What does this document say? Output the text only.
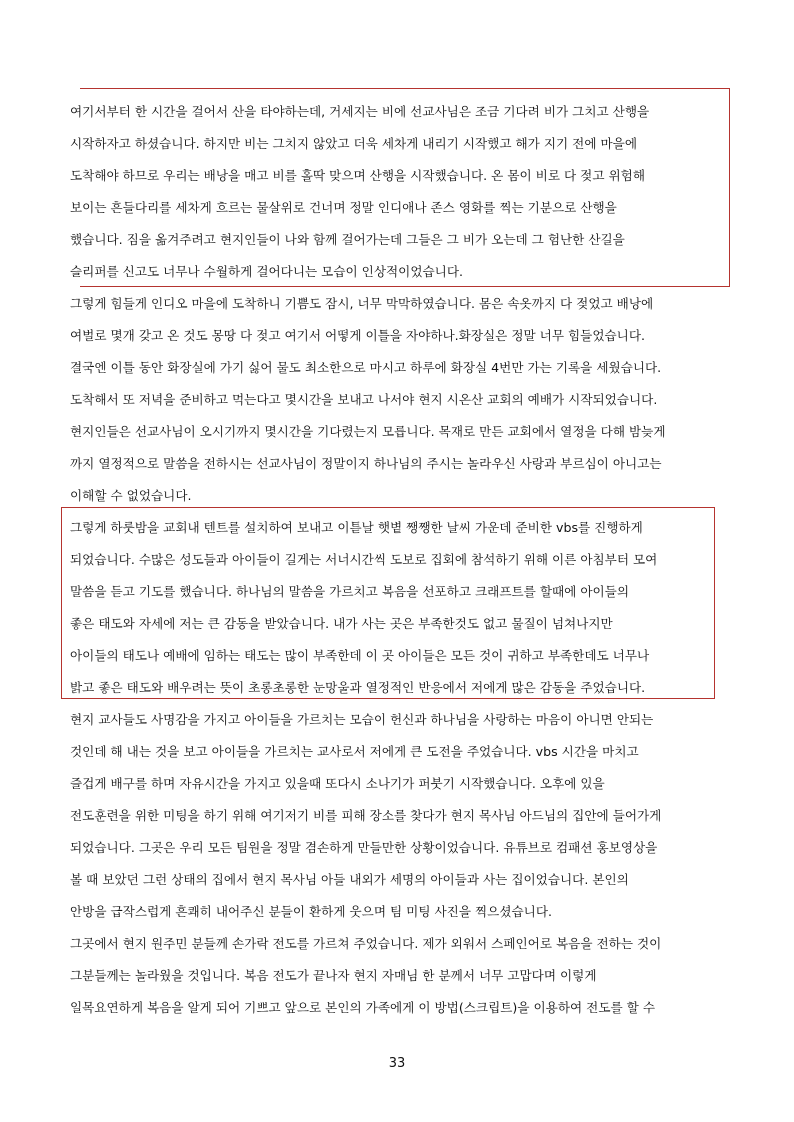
여기서부터 한 시간을 걸어서 산을 타야하는데, 거세지는 비에 선교사님은 조금 기다려 비가 그치고 산행을
시작하자고 하셨습니다. 하지만 비는 그치지 않았고 더욱 세차게 내리기 시작했고 해가 지기 전에 마을에
도착해야 하므로 우리는 배낭을 매고 비를 홀딱 맞으며 산행을 시작했습니다. 온 몸이 비로 다 젖고 위험해
보이는 흔들다리를 세차게 흐르는 물살위로 건너며 정말 인디애나 존스 영화를 찍는 기분으로 산행을
했습니다. 짐을 옮겨주려고 현지인들이 나와 함께 걸어가는데 그들은 그 비가 오는데 그 험난한 산길을
슬리퍼를 신고도 너무나 수월하게 걸어다니는 모습이 인상적이었습니다.
그렇게 힘들게 인디오 마을에 도착하니 기쁨도 잠시, 너무 막막하였습니다. 몸은 속옷까지 다 젖었고 배낭에
여벌로 몇개 갖고 온 것도 몽땅 다 젖고 여기서 어떻게 이틀을 자야하나.화장실은 정말 너무 힘들었습니다.
결국엔 이틀 동안 화장실에 가기 싫어 물도 최소한으로 마시고 하루에 화장실 4번만 가는 기록을 세웠습니다.
도착해서 또 저녁을 준비하고 먹는다고 몇시간을 보내고 나서야 현지 시온산 교회의 예배가 시작되었습니다.
현지인들은 선교사님이 오시기까지 몇시간을 기다렸는지 모릅니다. 목재로 만든 교회에서 열정을 다해 밤늦게
까지 열정적으로 말씀을 전하시는 선교사님이 정말이지 하나님의 주시는 놀라우신 사랑과 부르심이 아니고는
이해할 수 없었습니다.
그렇게 하룻밤을 교회내 텐트를 설치하여 보내고 이튿날 햇볕 쨍쨍한 날씨 가운데 준비한 vbs를 진행하게
되었습니다. 수많은 성도들과 아이들이 길게는 서너시간씩 도보로 집회에 참석하기 위해 이른 아침부터 모여
말씀을 듣고 기도를 했습니다. 하나님의 말씀을 가르치고 복음을 선포하고 크래프트를 할때에 아이들의
좋은 태도와 자세에 저는 큰 감동을 받았습니다. 내가 사는 곳은 부족한것도 없고 물질이 넘쳐나지만
아이들의 태도나 예배에 임하는 태도는 많이 부족한데 이 곳 아이들은 모든 것이 귀하고 부족한데도 너무나
밝고 좋은 태도와 배우려는 뜻이 초롱초롱한 눈망울과 열정적인 반응에서 저에게 많은 감동을 주었습니다.
현지 교사들도 사명감을 가지고 아이들을 가르치는 모습이 헌신과 하나님을 사랑하는 마음이 아니면 안되는
것인데 해 내는 것을 보고 아이들을 가르치는 교사로서 저에게 큰 도전을 주었습니다. vbs 시간을 마치고
즐겁게 배구를 하며 자유시간을 가지고 있을때 또다시 소나기가 퍼붓기 시작했습니다. 오후에 있을
전도훈련을 위한 미팅을 하기 위해 여기저기 비를 피해 장소를 찾다가 현지 목사님 아드님의 집안에 들어가게
되었습니다. 그곳은 우리 모든 팀원을 정말 겸손하게 만들만한 상황이었습니다. 유튜브로 컴패션 홍보영상을
볼 때 보았던 그런 상태의 집에서 현지 목사님 아들 내외가 세명의 아이들과 사는 집이었습니다. 본인의
안방을 급작스럽게 흔쾌히 내어주신 분들이 환하게 웃으며 팀 미팅 사진을 찍으셨습니다.
그곳에서 현지 원주민 분들께 손가락 전도를 가르쳐 주었습니다. 제가 외워서 스페인어로 복음을 전하는 것이
그분들께는 놀라웠을 것입니다. 복음 전도가 끝나자 현지 자매님 한 분께서 너무 고맙다며 이렇게
일목요연하게 복음을 알게 되어 기쁘고 앞으로 본인의 가족에게 이 방법(스크립트)을 이용하여 전도를 할 수
33
